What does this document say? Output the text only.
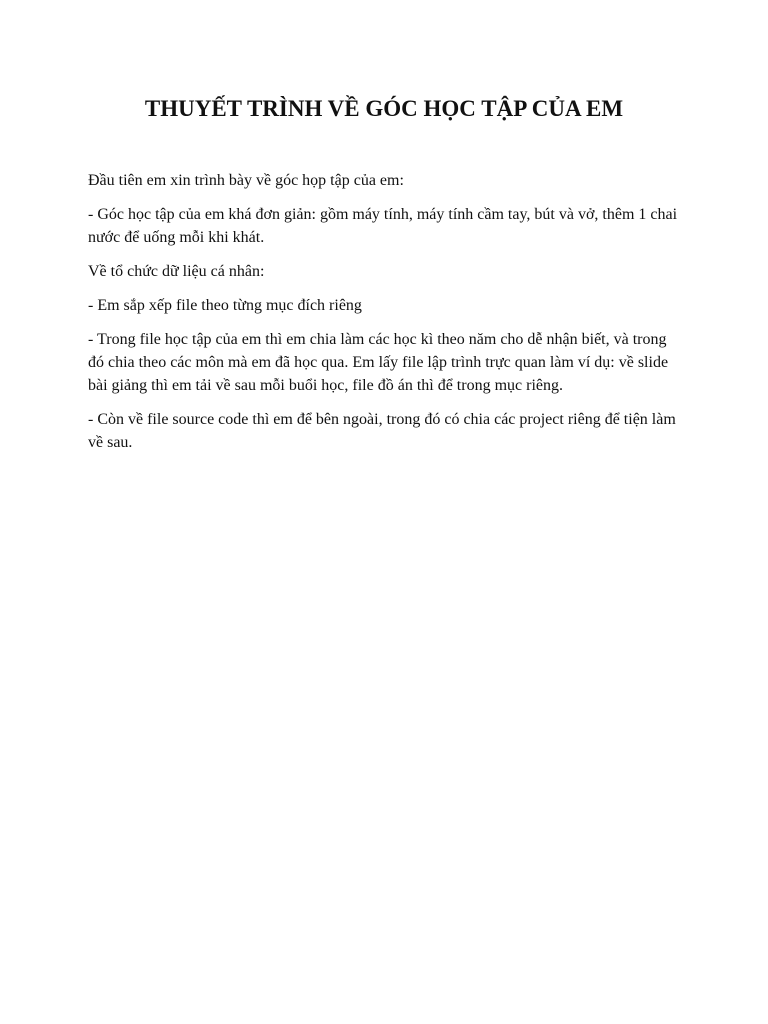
THUYẾT TRÌNH VỀ GÓC HỌC TẬP CỦA EM

Đầu tiên em xin trình bày về góc họp tập của em:

- Góc học tập của em khá đơn giản: gồm máy tính, máy tính cầm tay, bút và vở, thêm 1 chai nước để uống mỗi khi khát.

Về tổ chức dữ liệu cá nhân:

- Em sắp xếp file theo từng mục đích riêng

- Trong file học tập của em thì em chia làm các học kì theo năm cho dễ nhận biết, và trong đó chia theo các môn mà em đã học qua. Em lấy file lập trình trực quan làm ví dụ: về slide bài giảng thì em tải về sau mỗi buổi học, file đồ án thì để trong mục riêng.

- Còn về file source code thì em để bên ngoài, trong đó có chia các project riêng để tiện làm về sau.
